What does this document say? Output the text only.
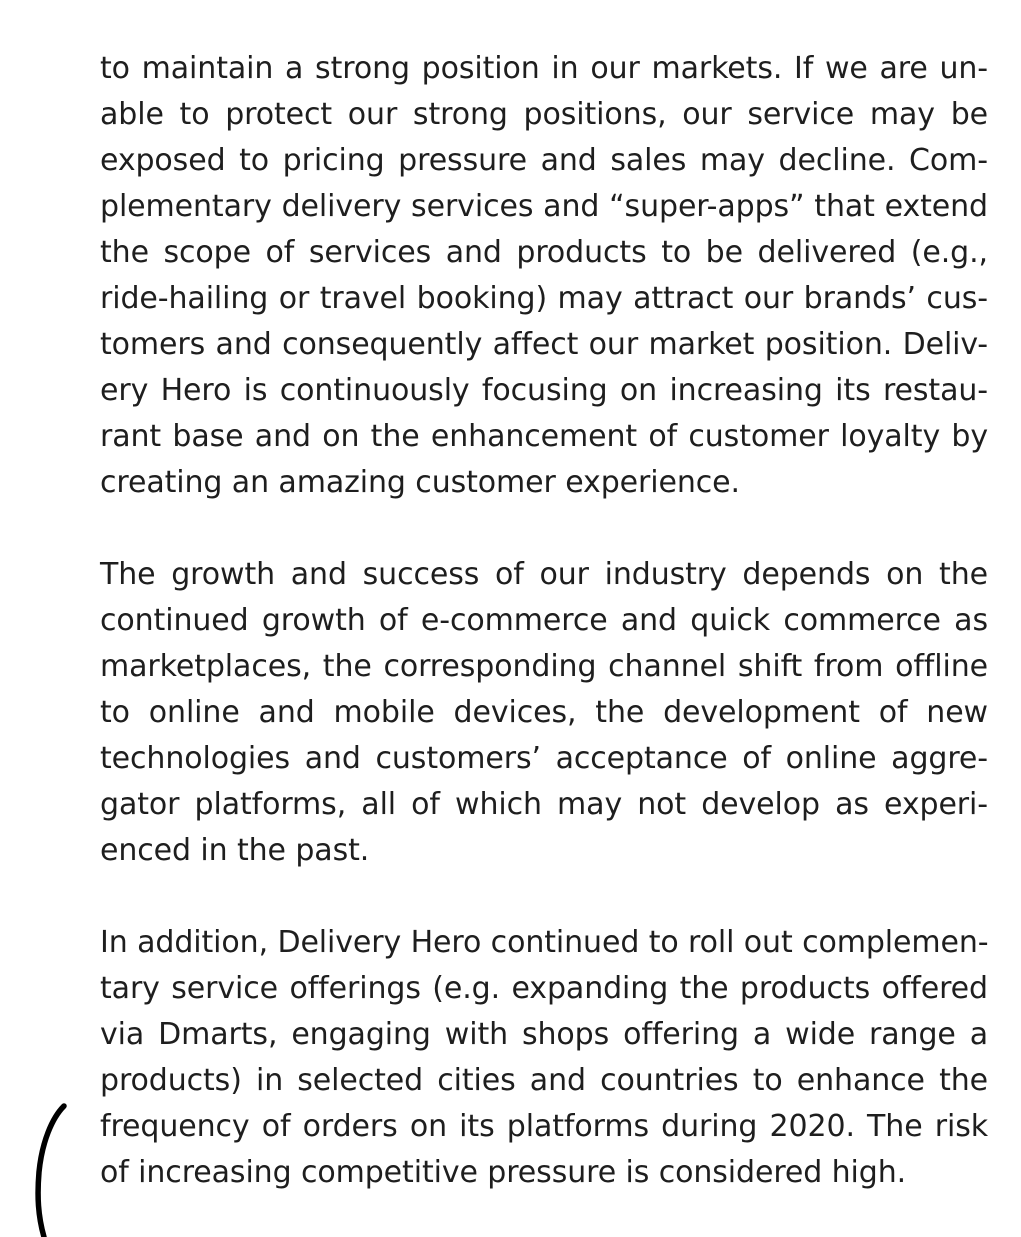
to maintain a strong position in our markets. If we are un-
able to protect our strong positions, our service may be
exposed to pricing pressure and sales may decline. Com-
plementary delivery services and “super-apps” that extend
the scope of services and products to be delivered (e.g.,
ride-hailing or travel booking) may attract our brands’ cus-
tomers and consequently affect our market position. Deliv-
ery Hero is continuously focusing on increasing its restau-
rant base and on the enhancement of customer loyalty by
creating an amazing customer experience.

The growth and success of our industry depends on the
continued growth of e-commerce and quick commerce as
marketplaces, the corresponding channel shift from offline
to online and mobile devices, the development of new
technologies and customers’ acceptance of online aggre-
gator platforms, all of which may not develop as experi-
enced in the past.

In addition, Delivery Hero continued to roll out complemen-
tary service offerings (e.g. expanding the products offered
via Dmarts, engaging with shops offering a wide range a
products) in selected cities and countries to enhance the
frequency of orders on its platforms during 2020. The risk
of increasing competitive pressure is considered high.
